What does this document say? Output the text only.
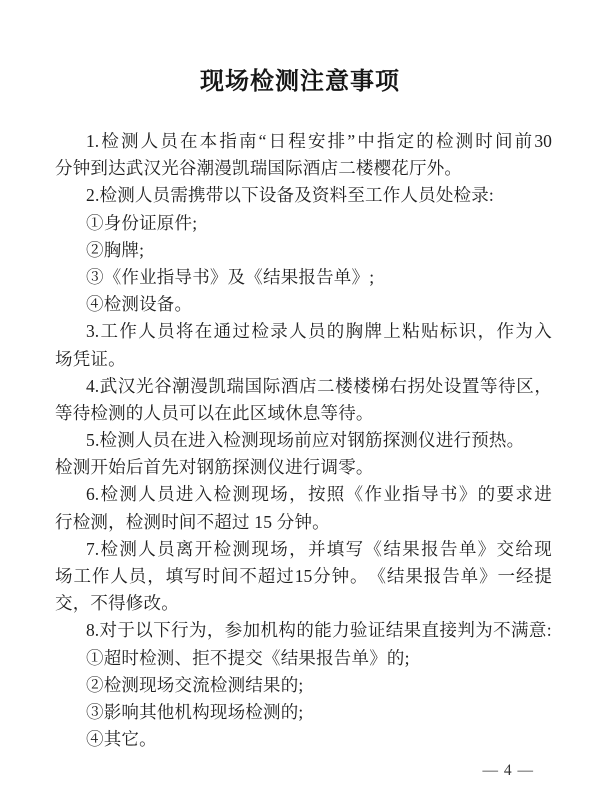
现场检测注意事项
1. 检 测 人 员 在 本 指 南 “ 日 程 安 排 ” 中 指 定 的 检 测 时 间 前 30
分钟到达武汉光谷潮漫凯瑞国际酒店二楼樱花厅外。
2.检测人员需携带以下设备及资料至工作人员处检录:
①身份证原件;
②胸牌;
③《作业指导书》及《结果报告单》;
④检测设备。
3. 工 作 人 员 将 在 通 过 检 录 人 员 的 胸 牌 上 粘 贴 标 识 ， 作 为 入
场凭证。
4. 武 汉 光 谷 潮 漫 凯 瑞 国 际 酒 店 二 楼 楼 梯 右 拐 处 设 置 等 待 区 ，
等待检测的人员可以在此区域休息等待。
5.检测人员在进入检测现场前应对钢筋探测仪进行预热。
检测开始后首先对钢筋探测仪进行调零。
6. 检 测 人 员 进 入 检 测 现 场 ， 按 照 《 作 业 指 导 书 》 的 要 求 进
行检测，检测时间不超过 15 分钟。
7. 检 测 人 员 离 开 检 测 现 场 ， 并 填 写 《 结 果 报 告 单 》 交 给 现
场 工 作 人 员 ， 填 写 时 间 不 超 过 15 分 钟 。 《 结 果 报 告 单 》 一 经 提
交，不得修改。
8. 对 于 以 下 行 为 ， 参 加 机 构 的 能 力 验 证 结 果 直 接 判 为 不 满 意 :
①超时检测、拒不提交《结果报告单》的;
②检测现场交流检测结果的;
③影响其他机构现场检测的;
④其它。
— 4 —
